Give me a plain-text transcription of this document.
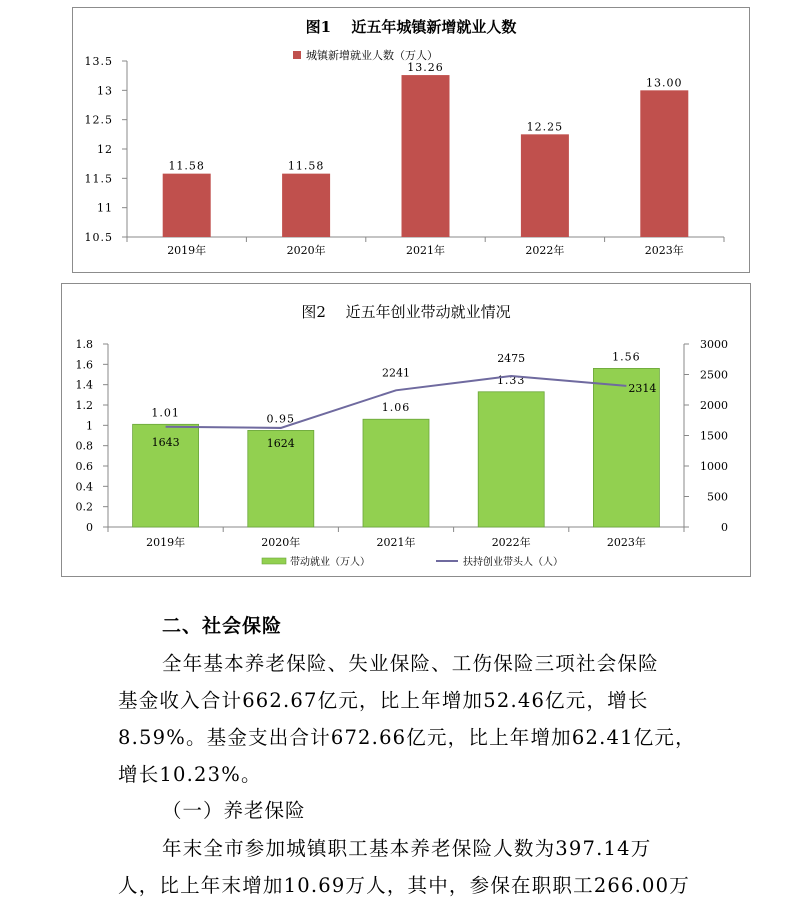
图1　 近五年城镇新增就业人数
城镇新增就业人数（万人）
10.5
11
11.5
12
12.5
13
13.5
11.58
2019年
11.58
2020年
13.26
2021年
12.25
2022年
13.00
2023年
图2　 近五年创业带动就业情况
0
0.2
0.4
0.6
0.8
1
1.2
1.4
1.6
1.8
0
500
1000
1500
2000
2500
3000
1.01
2019年
0.95
2020年
1.06
2021年
1.33
2022年
1.56
2023年
1643	1624
2241
2475
2314
带动就业（万人）	扶持创业带头人（人）
二、社会保险
全年基本养老保险、失业保险、工伤保险三项社会保险
基金收入合计662.67亿元，比上年增加52.46亿元，增长
8.59%。基金支出合计672.66亿元，比上年增加62.41亿元，
增长10.23%。
（一）养老保险
年末全市参加城镇职工基本养老保险人数为397.14万
人，比上年末增加10.69万人，其中，参保在职职工266.00万
